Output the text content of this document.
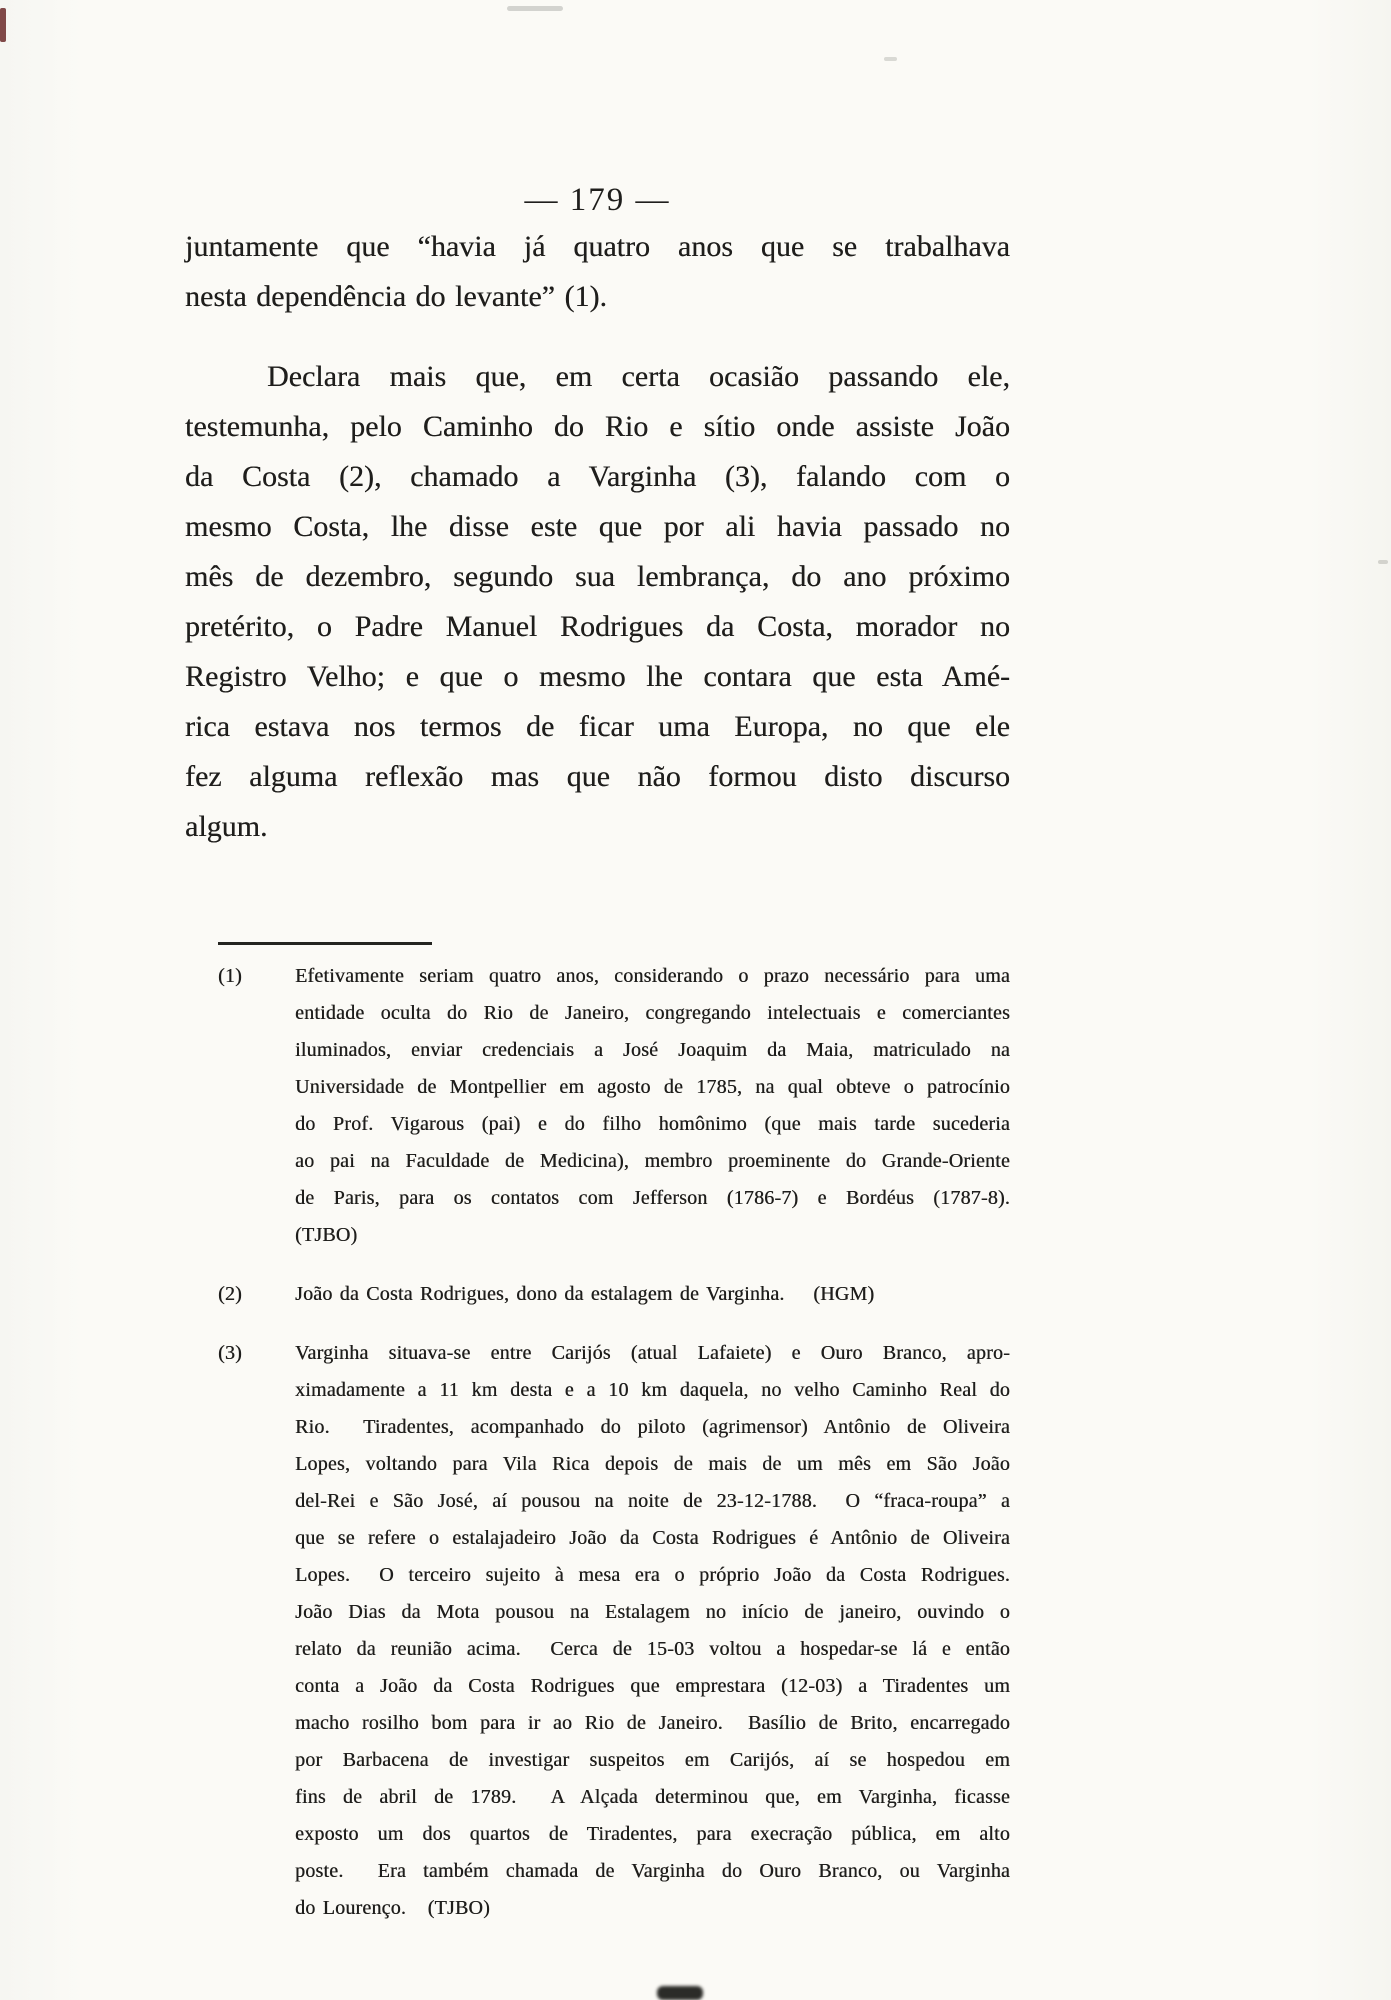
— 179 —
juntamente que “havia já quatro anos que se trabalhava
nesta dependência do levante” (1).
Declara mais que, em certa ocasião passando ele,
testemunha, pelo Caminho do Rio e sítio onde assiste João
da Costa (2), chamado a Varginha (3), falando com o
mesmo Costa, lhe disse este que por ali havia passado no
mês de dezembro, segundo sua lembrança, do ano próximo
pretérito, o Padre Manuel Rodrigues da Costa, morador no
Registro Velho; e que o mesmo lhe contara que esta Amé-
rica estava nos termos de ficar uma Europa, no que ele
fez alguma reflexão mas que não formou disto discurso
algum.
(1)	Efetivamente seriam quatro anos, considerando o prazo necessário para uma
entidade oculta do Rio de Janeiro, congregando intelectuais e comerciantes
iluminados, enviar credenciais a José Joaquim da Maia, matriculado na
Universidade de Montpellier em agosto de 1785, na qual obteve o patrocínio
do Prof. Vigarous (pai) e do filho homônimo (que mais tarde sucederia
ao pai na Faculdade de Medicina), membro proeminente do Grande-Oriente
de Paris, para os contatos com Jefferson (1786-7) e Bordéus (1787-8).
(TJBO)
(2)	João da Costa Rodrigues, dono da estalagem de Varginha.    (HGM)
(3)	Varginha situava-se entre Carijós (atual Lafaiete) e Ouro Branco, apro-
ximadamente a 11 km desta e a 10 km daquela, no velho Caminho Real do
Rio.  Tiradentes, acompanhado do piloto (agrimensor) Antônio de Oliveira
Lopes, voltando para Vila Rica depois de mais de um mês em São João
del-Rei e São José, aí pousou na noite de 23-12-1788.  O “fraca-roupa” a
que se refere o estalajadeiro João da Costa Rodrigues é Antônio de Oliveira
Lopes.  O terceiro sujeito à mesa era o próprio João da Costa Rodrigues.
João Dias da Mota pousou na Estalagem no início de janeiro, ouvindo o
relato da reunião acima.  Cerca de 15-03 voltou a hospedar-se lá e então
conta a João da Costa Rodrigues que emprestara (12-03) a Tiradentes um
macho rosilho bom para ir ao Rio de Janeiro.  Basílio de Brito, encarregado
por Barbacena de investigar suspeitos em Carijós, aí se hospedou em
fins de abril de 1789.  A Alçada determinou que, em Varginha, ficasse
exposto um dos quartos de Tiradentes, para execração pública, em alto
poste.  Era também chamada de Varginha do Ouro Branco, ou Varginha
do Lourenço.   (TJBO)
